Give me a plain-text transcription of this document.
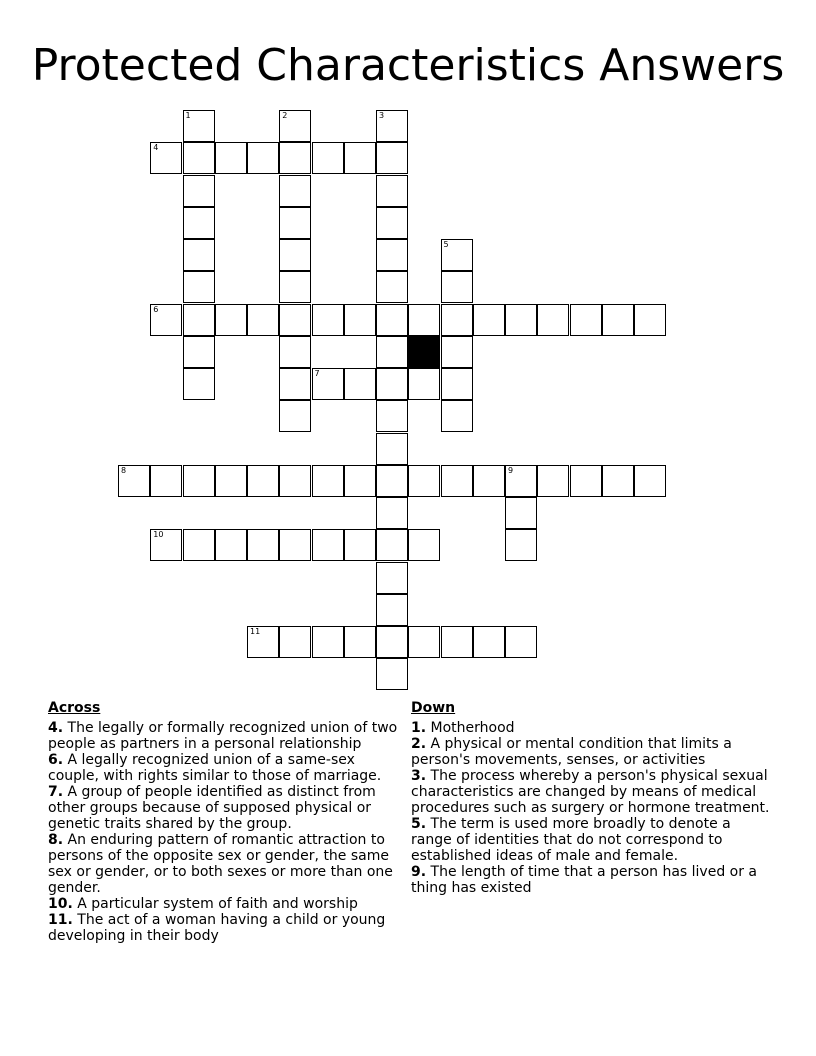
Protected Characteristics Answers
1	2	3
4
5
6
7
8	9
10
11
Across
4. The legally or formally recognized union of two people as partners in a personal relationship
6. A legally recognized union of a same-sex couple, with rights similar to those of marriage.
7. A group of people identified as distinct from other groups because of supposed physical or genetic traits shared by the group.
8. An enduring pattern of romantic attraction to persons of the opposite sex or gender, the same sex or gender, or to both sexes or more than one gender.
10. A particular system of faith and worship
11. The act of a woman having a child or young developing in their body
Down
1. Motherhood
2. A physical or mental condition that limits a person's movements, senses, or activities
3. The process whereby a person's physical sexual characteristics are changed by means of medical procedures such as surgery or hormone treatment.
5. The term is used more broadly to denote a range of identities that do not correspond to established ideas of male and female.
9. The length of time that a person has lived or a thing has existed
